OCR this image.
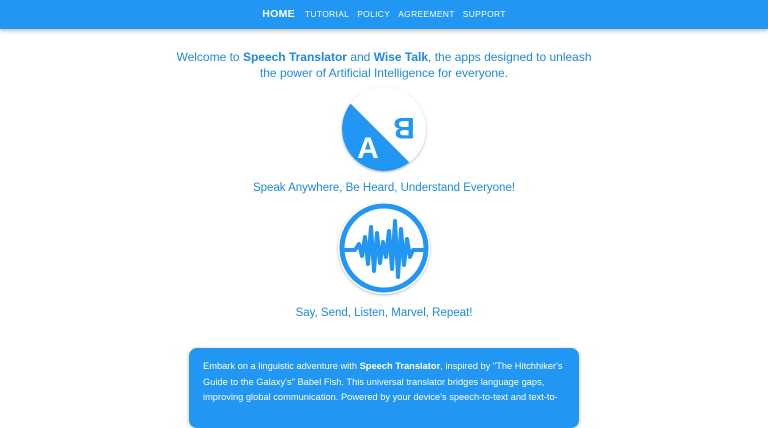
HOME	TUTORIAL POLICY AGREEMENT SUPPORT
Welcome to Speech Translator and Wise Talk, the apps designed to unleash
the power of Artificial Intelligence for everyone.
A
B
Speak Anywhere, Be Heard, Understand Everyone!
Say, Send, Listen, Marvel, Repeat!
Embark on a linguistic adventure with Speech Translator, inspired by "The Hitchhiker's Guide to the Galaxy's" Babel Fish. This universal translator bridges language gaps, improving global communication. Powered by your device's speech-to-text and text-to-
